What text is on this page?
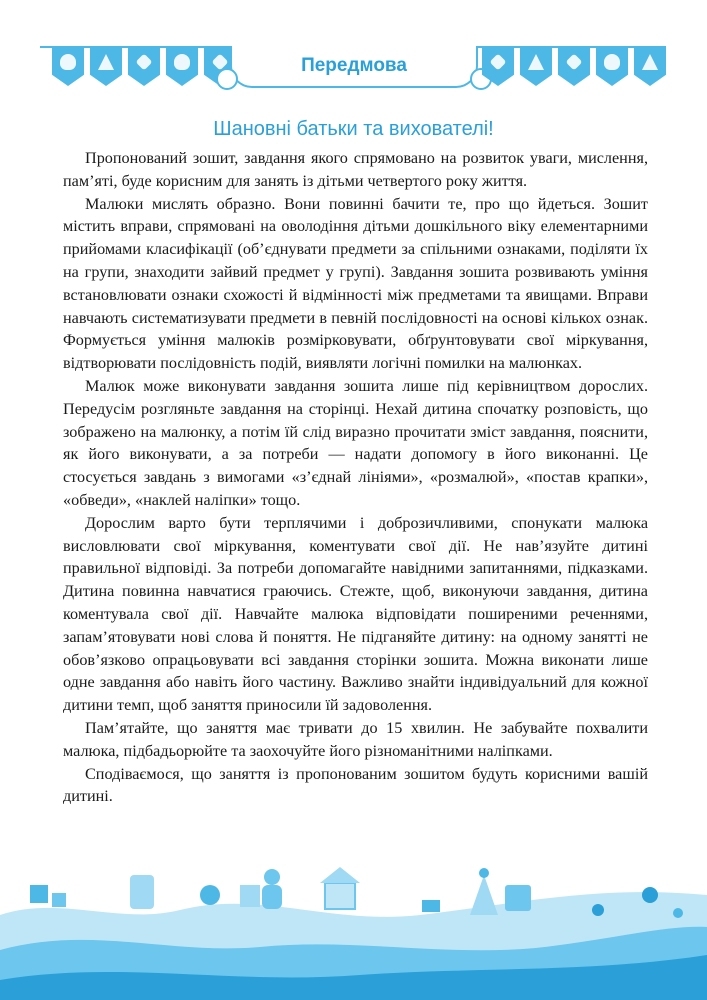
Передмова
Шановні батьки та вихователі!

Пропонований зошит, завдання якого спрямовано на розвиток уваги, мислення, пам’яті, буде корисним для занять із дітьми четвертого року життя.

Малюки мислять образно. Вони повинні бачити те, про що йдеться. Зошит містить вправи, спрямовані на оволодіння дітьми дошкільного віку елементарними прийомами класифікації (об’єднувати предмети за спільними ознаками, поділяти їх на групи, знаходити зайвий предмет у групі). Завдання зошита розвивають уміння встановлювати ознаки схожості й відмінності між предметами та явищами. Вправи навчають систематизувати предмети в певній послідовності на основі кількох ознак. Формується уміння малюків розмірковувати, обґрунтовувати свої міркування, відтворювати послідовність подій, виявляти логічні помилки на малюнках.

Малюк може виконувати завдання зошита лише під керівництвом дорослих. Передусім розгляньте завдання на сторінці. Нехай дитина спочатку розповість, що зображено на малюнку, а потім їй слід виразно прочитати зміст завдання, пояснити, як його виконувати, а за потреби — надати допомогу в його виконанні. Це стосується завдань з вимогами «з’єднай лініями», «розмалюй», «постав крапки», «обведи», «наклей наліпки» тощо.

Дорослим варто бути терплячими і доброзичливими, спонукати малюка висловлювати свої міркування, коментувати свої дії. Не нав’язуйте дитині правильної відповіді. За потреби допомагайте навідними запитаннями, підказками. Дитина повинна навчатися граючись. Стежте, щоб, виконуючи завдання, дитина коментувала свої дії. Навчайте малюка відповідати поширеними реченнями, запам’ятовувати нові слова й поняття. Не підганяйте дитину: на одному занятті не обов’язково опрацьовувати всі завдання сторінки зошита. Можна виконати лише одне завдання або навіть його частину. Важливо знайти індивідуальний для кожної дитини темп, щоб заняття приносили їй задоволення.

Пам’ятайте, що заняття має тривати до 15 хвилин. Не забувайте похвалити малюка, підбадьорюйте та заохочуйте його різноманітними наліпками.

Сподіваємося, що заняття із пропонованим зошитом будуть корисними вашій дитині.
